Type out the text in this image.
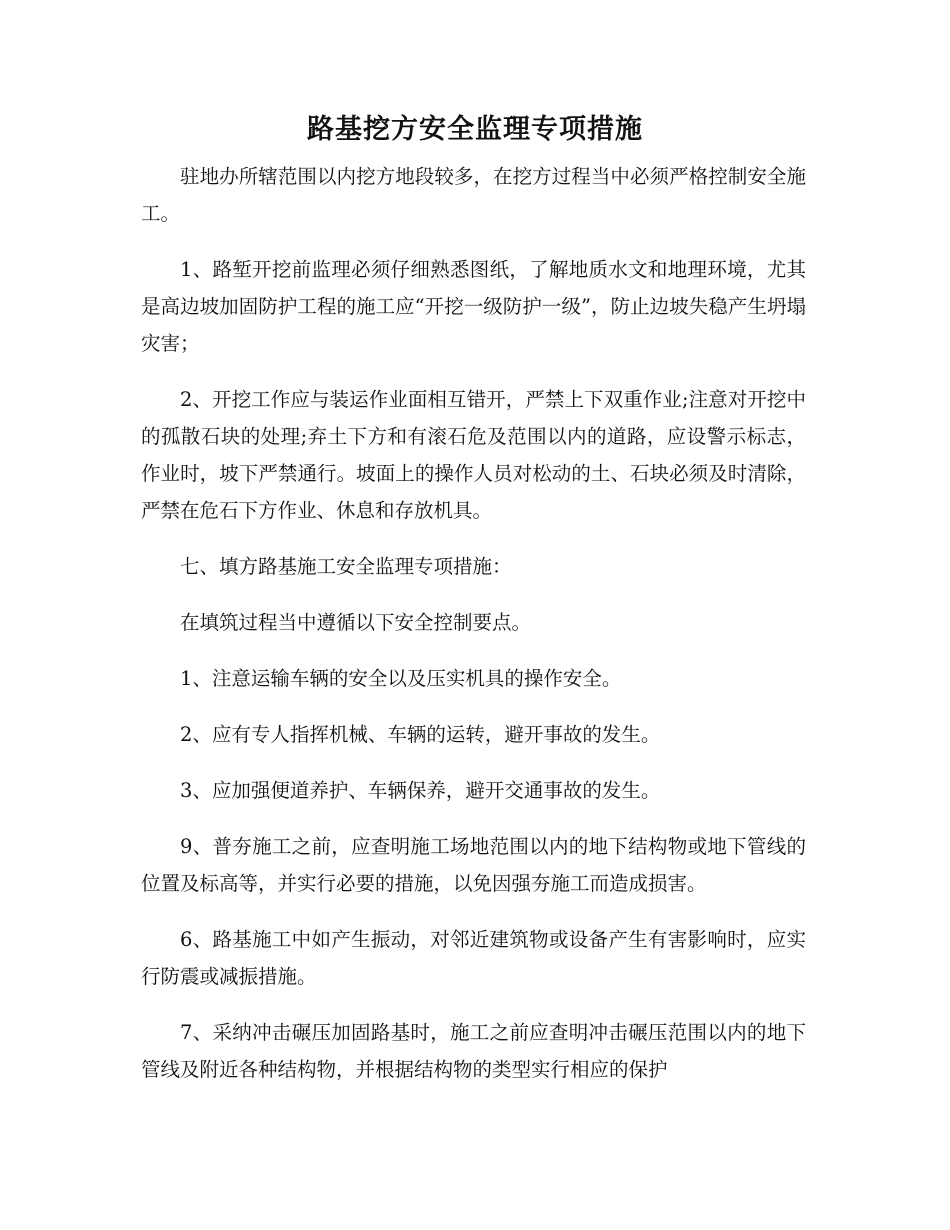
路基挖方安全监理专项措施

驻地办所辖范围以内挖方地段较多，在挖方过程当中必须严格控制安全施工。

1、路堑开挖前监理必须仔细熟悉图纸，了解地质水文和地理环境，尤其是高边坡加固防护工程的施工应“开挖一级防护一级”，防止边坡失稳产生坍塌灾害；

2、开挖工作应与装运作业面相互错开，严禁上下双重作业;注意对开挖中的孤散石块的处理;弃土下方和有滚石危及范围以内的道路，应设警示标志，作业时，坡下严禁通行。坡面上的操作人员对松动的土、石块必须及时清除，严禁在危石下方作业、休息和存放机具。

七、填方路基施工安全监理专项措施：

在填筑过程当中遵循以下安全控制要点。

1、注意运输车辆的安全以及压实机具的操作安全。

2、应有专人指挥机械、车辆的运转，避开事故的发生。

3、应加强便道养护、车辆保养，避开交通事故的发生。

9、普夯施工之前，应查明施工场地范围以内的地下结构物或地下管线的位置及标高等，并实行必要的措施，以免因强夯施工而造成损害。

6、路基施工中如产生振动，对邻近建筑物或设备产生有害影响时，应实行防震或减振措施。

7、采纳冲击碾压加固路基时，施工之前应查明冲击碾压范围以内的地下管线及附近各种结构物，并根据结构物的类型实行相应的保护
